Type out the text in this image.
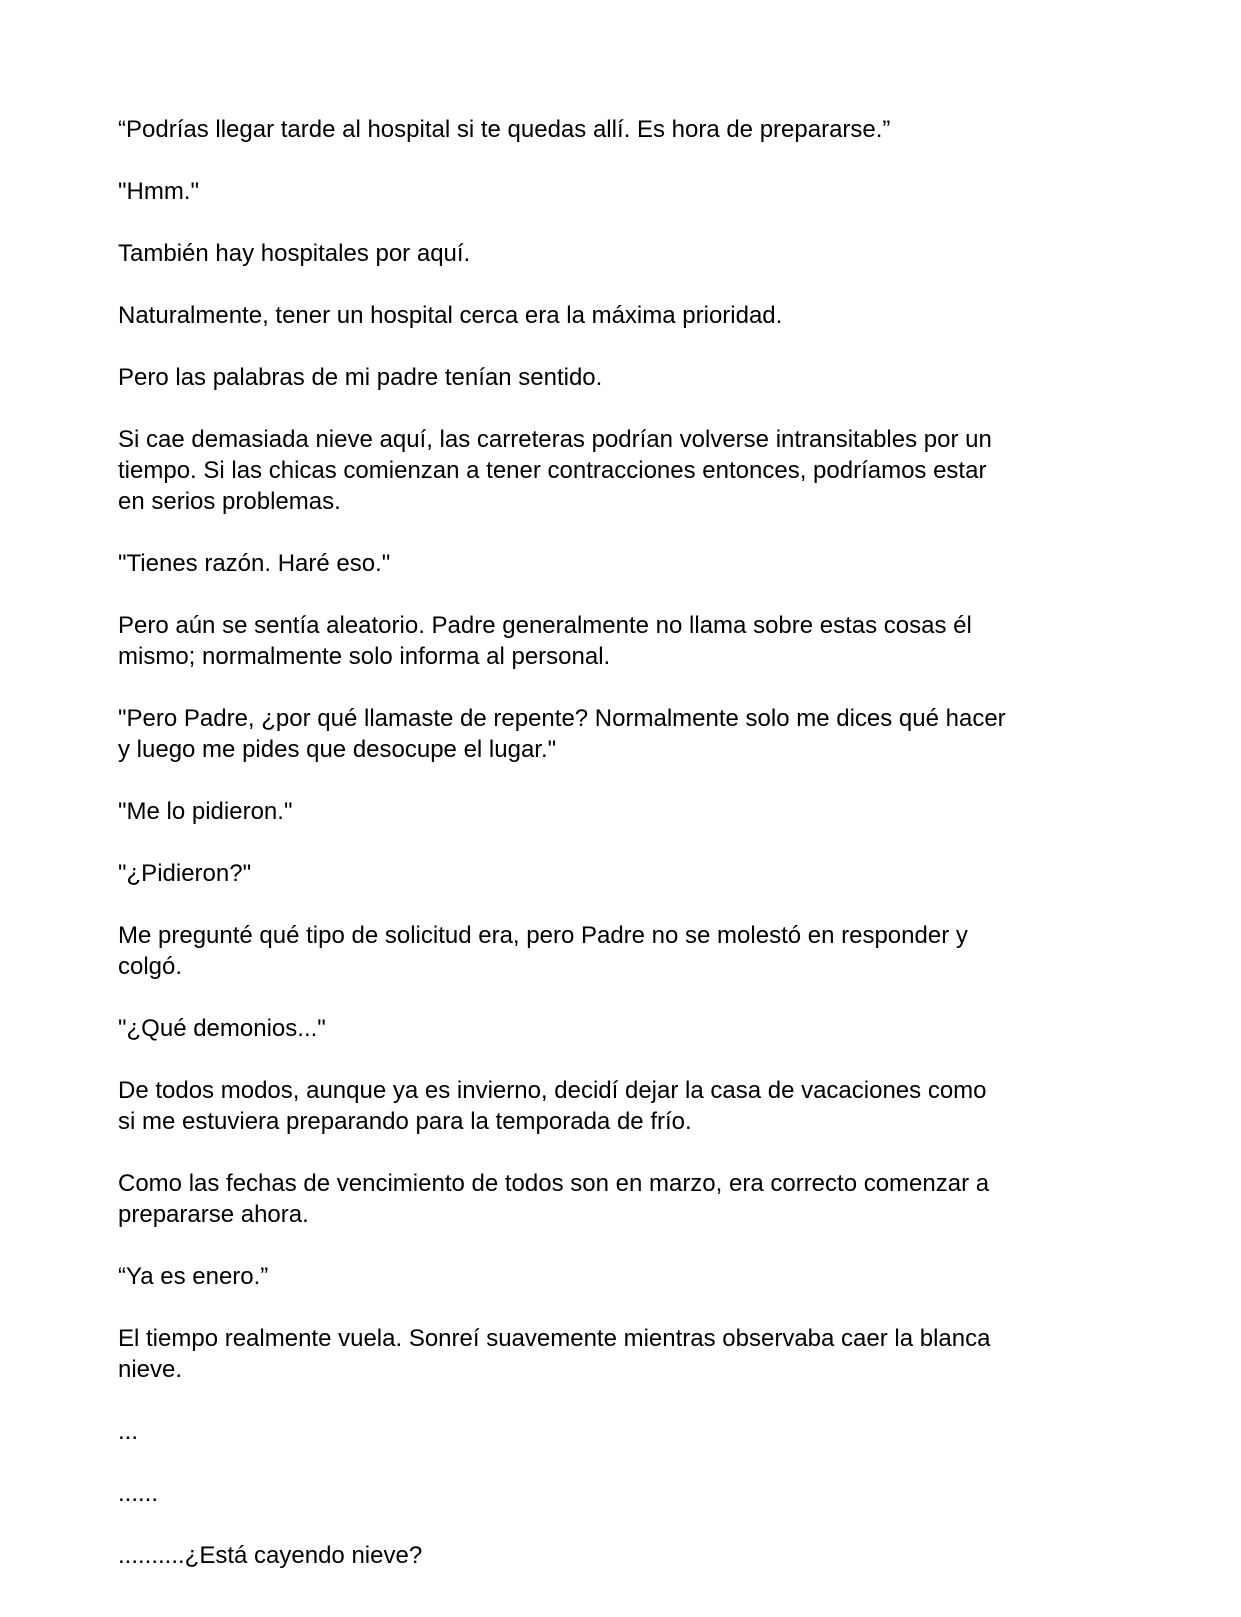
“Podrías llegar tarde al hospital si te quedas allí. Es hora de prepararse.”

"Hmm."

También hay hospitales por aquí.

Naturalmente, tener un hospital cerca era la máxima prioridad.

Pero las palabras de mi padre tenían sentido.

Si cae demasiada nieve aquí, las carreteras podrían volverse intransitables por un
tiempo. Si las chicas comienzan a tener contracciones entonces, podríamos estar
en serios problemas.

"Tienes razón. Haré eso."

Pero aún se sentía aleatorio. Padre generalmente no llama sobre estas cosas él
mismo; normalmente solo informa al personal.

"Pero Padre, ¿por qué llamaste de repente? Normalmente solo me dices qué hacer
y luego me pides que desocupe el lugar."

"Me lo pidieron."

"¿Pidieron?"

Me pregunté qué tipo de solicitud era, pero Padre no se molestó en responder y
colgó.

"¿Qué demonios..."

De todos modos, aunque ya es invierno, decidí dejar la casa de vacaciones como
si me estuviera preparando para la temporada de frío.

Como las fechas de vencimiento de todos son en marzo, era correcto comenzar a
prepararse ahora.

“Ya es enero.”

El tiempo realmente vuela. Sonreí suavemente mientras observaba caer la blanca
nieve.

...

......

..........¿Está cayendo nieve?
